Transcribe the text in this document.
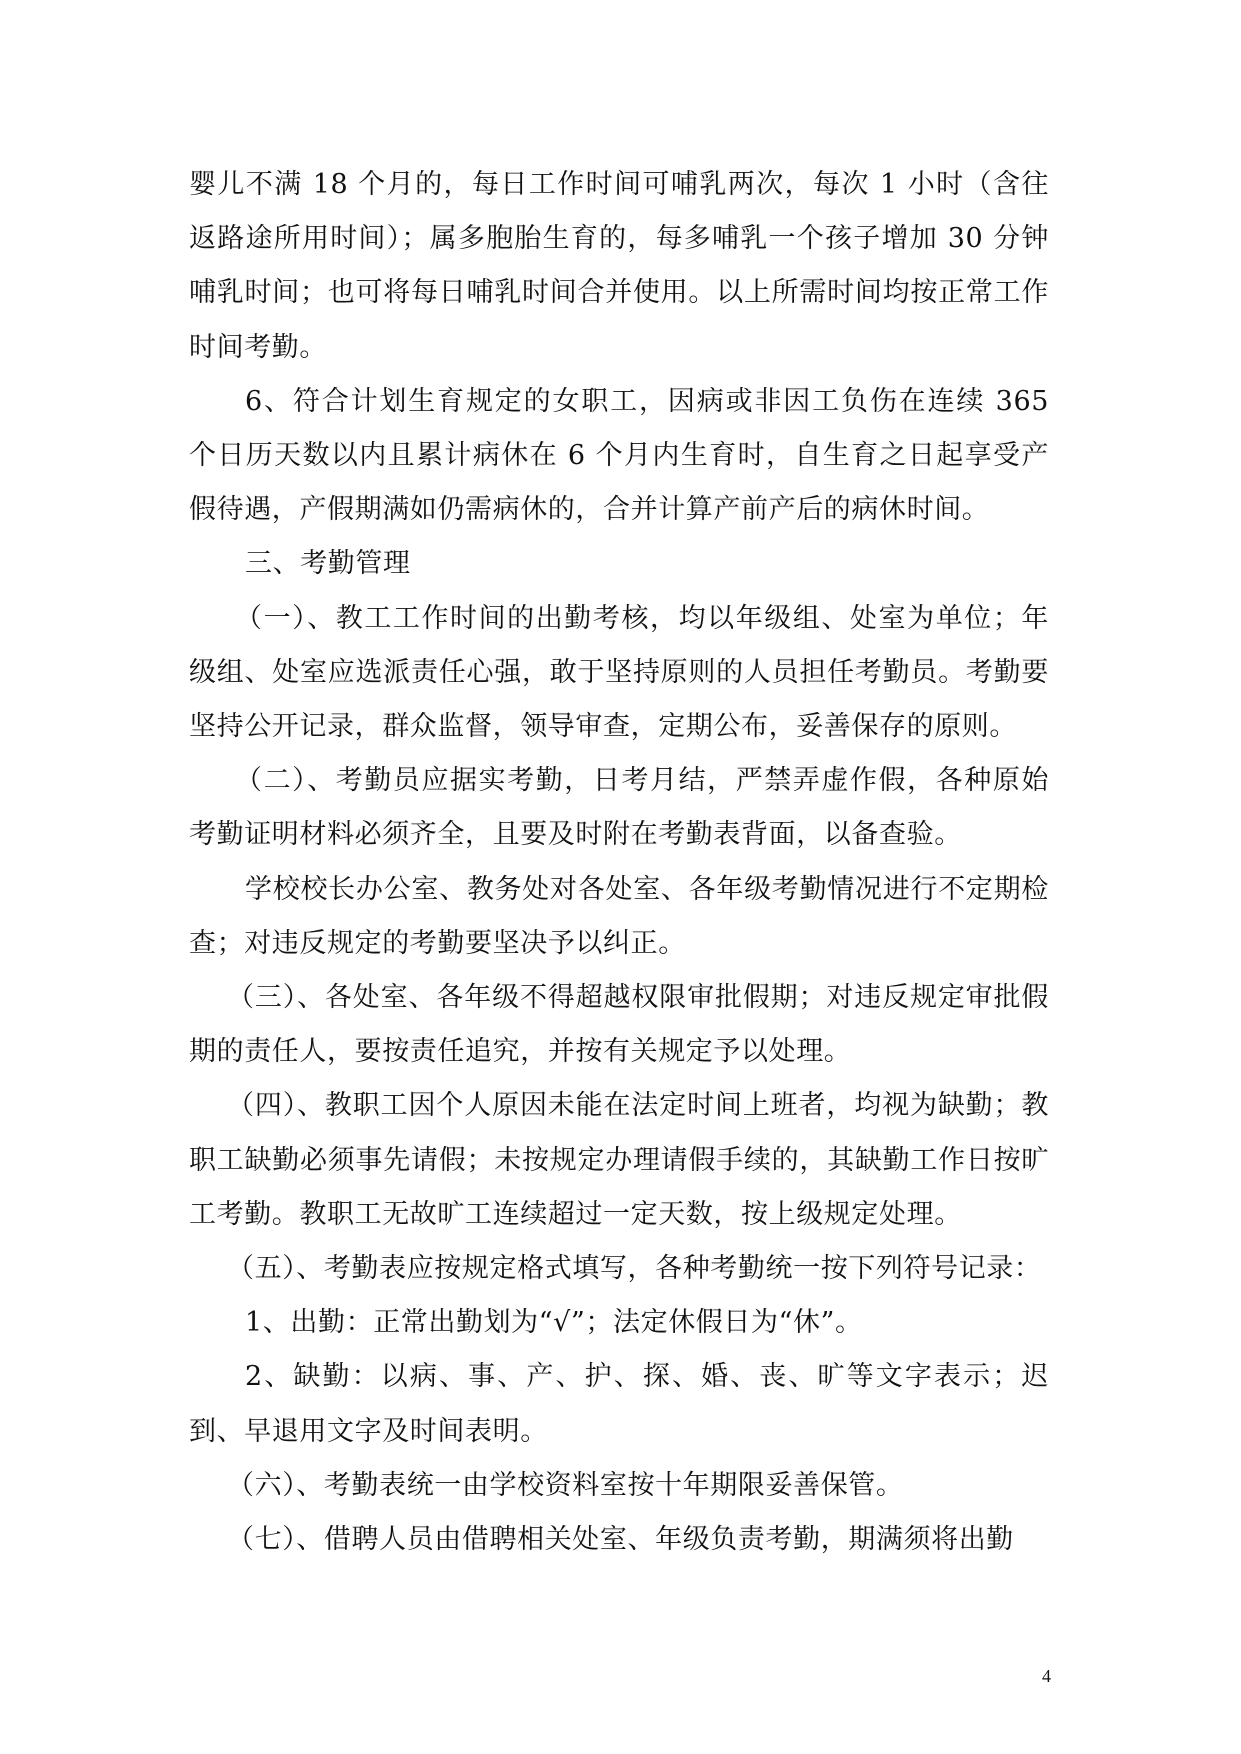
婴儿不满 18 个月的，每日工作时间可哺乳两次，每次 1 小时（含往返路途所用时间）；属多胞胎生育的，每多哺乳一个孩子增加 30 分钟哺乳时间；也可将每日哺乳时间合并使用。以上所需时间均按正常工作时间考勤。

6、符合计划生育规定的女职工，因病或非因工负伤在连续 365 个日历天数以内且累计病休在 6 个月内生育时，自生育之日起享受产假待遇，产假期满如仍需病休的，合并计算产前产后的病休时间。

三、考勤管理

（一）、教工工作时间的出勤考核，均以年级组、处室为单位；年级组、处室应选派责任心强，敢于坚持原则的人员担任考勤员。考勤要坚持公开记录，群众监督，领导审查，定期公布，妥善保存的原则。

（二）、考勤员应据实考勤，日考月结，严禁弄虚作假，各种原始考勤证明材料必须齐全，且要及时附在考勤表背面，以备查验。

学校校长办公室、教务处对各处室、各年级考勤情况进行不定期检查；对违反规定的考勤要坚决予以纠正。

（三）、各处室、各年级不得超越权限审批假期；对违反规定审批假期的责任人，要按责任追究，并按有关规定予以处理。

（四）、教职工因个人原因未能在法定时间上班者，均视为缺勤；教职工缺勤必须事先请假；未按规定办理请假手续的，其缺勤工作日按旷工考勤。教职工无故旷工连续超过一定天数，按上级规定处理。

（五）、考勤表应按规定格式填写，各种考勤统一按下列符号记录：

1、出勤：正常出勤划为“√”；法定休假日为“休”。

2、缺勤：以病、事、产、护、探、婚、丧、旷等文字表示；迟到、早退用文字及时间表明。

（六）、考勤表统一由学校资料室按十年期限妥善保管。

（七）、借聘人员由借聘相关处室、年级负责考勤，期满须将出勤

4
